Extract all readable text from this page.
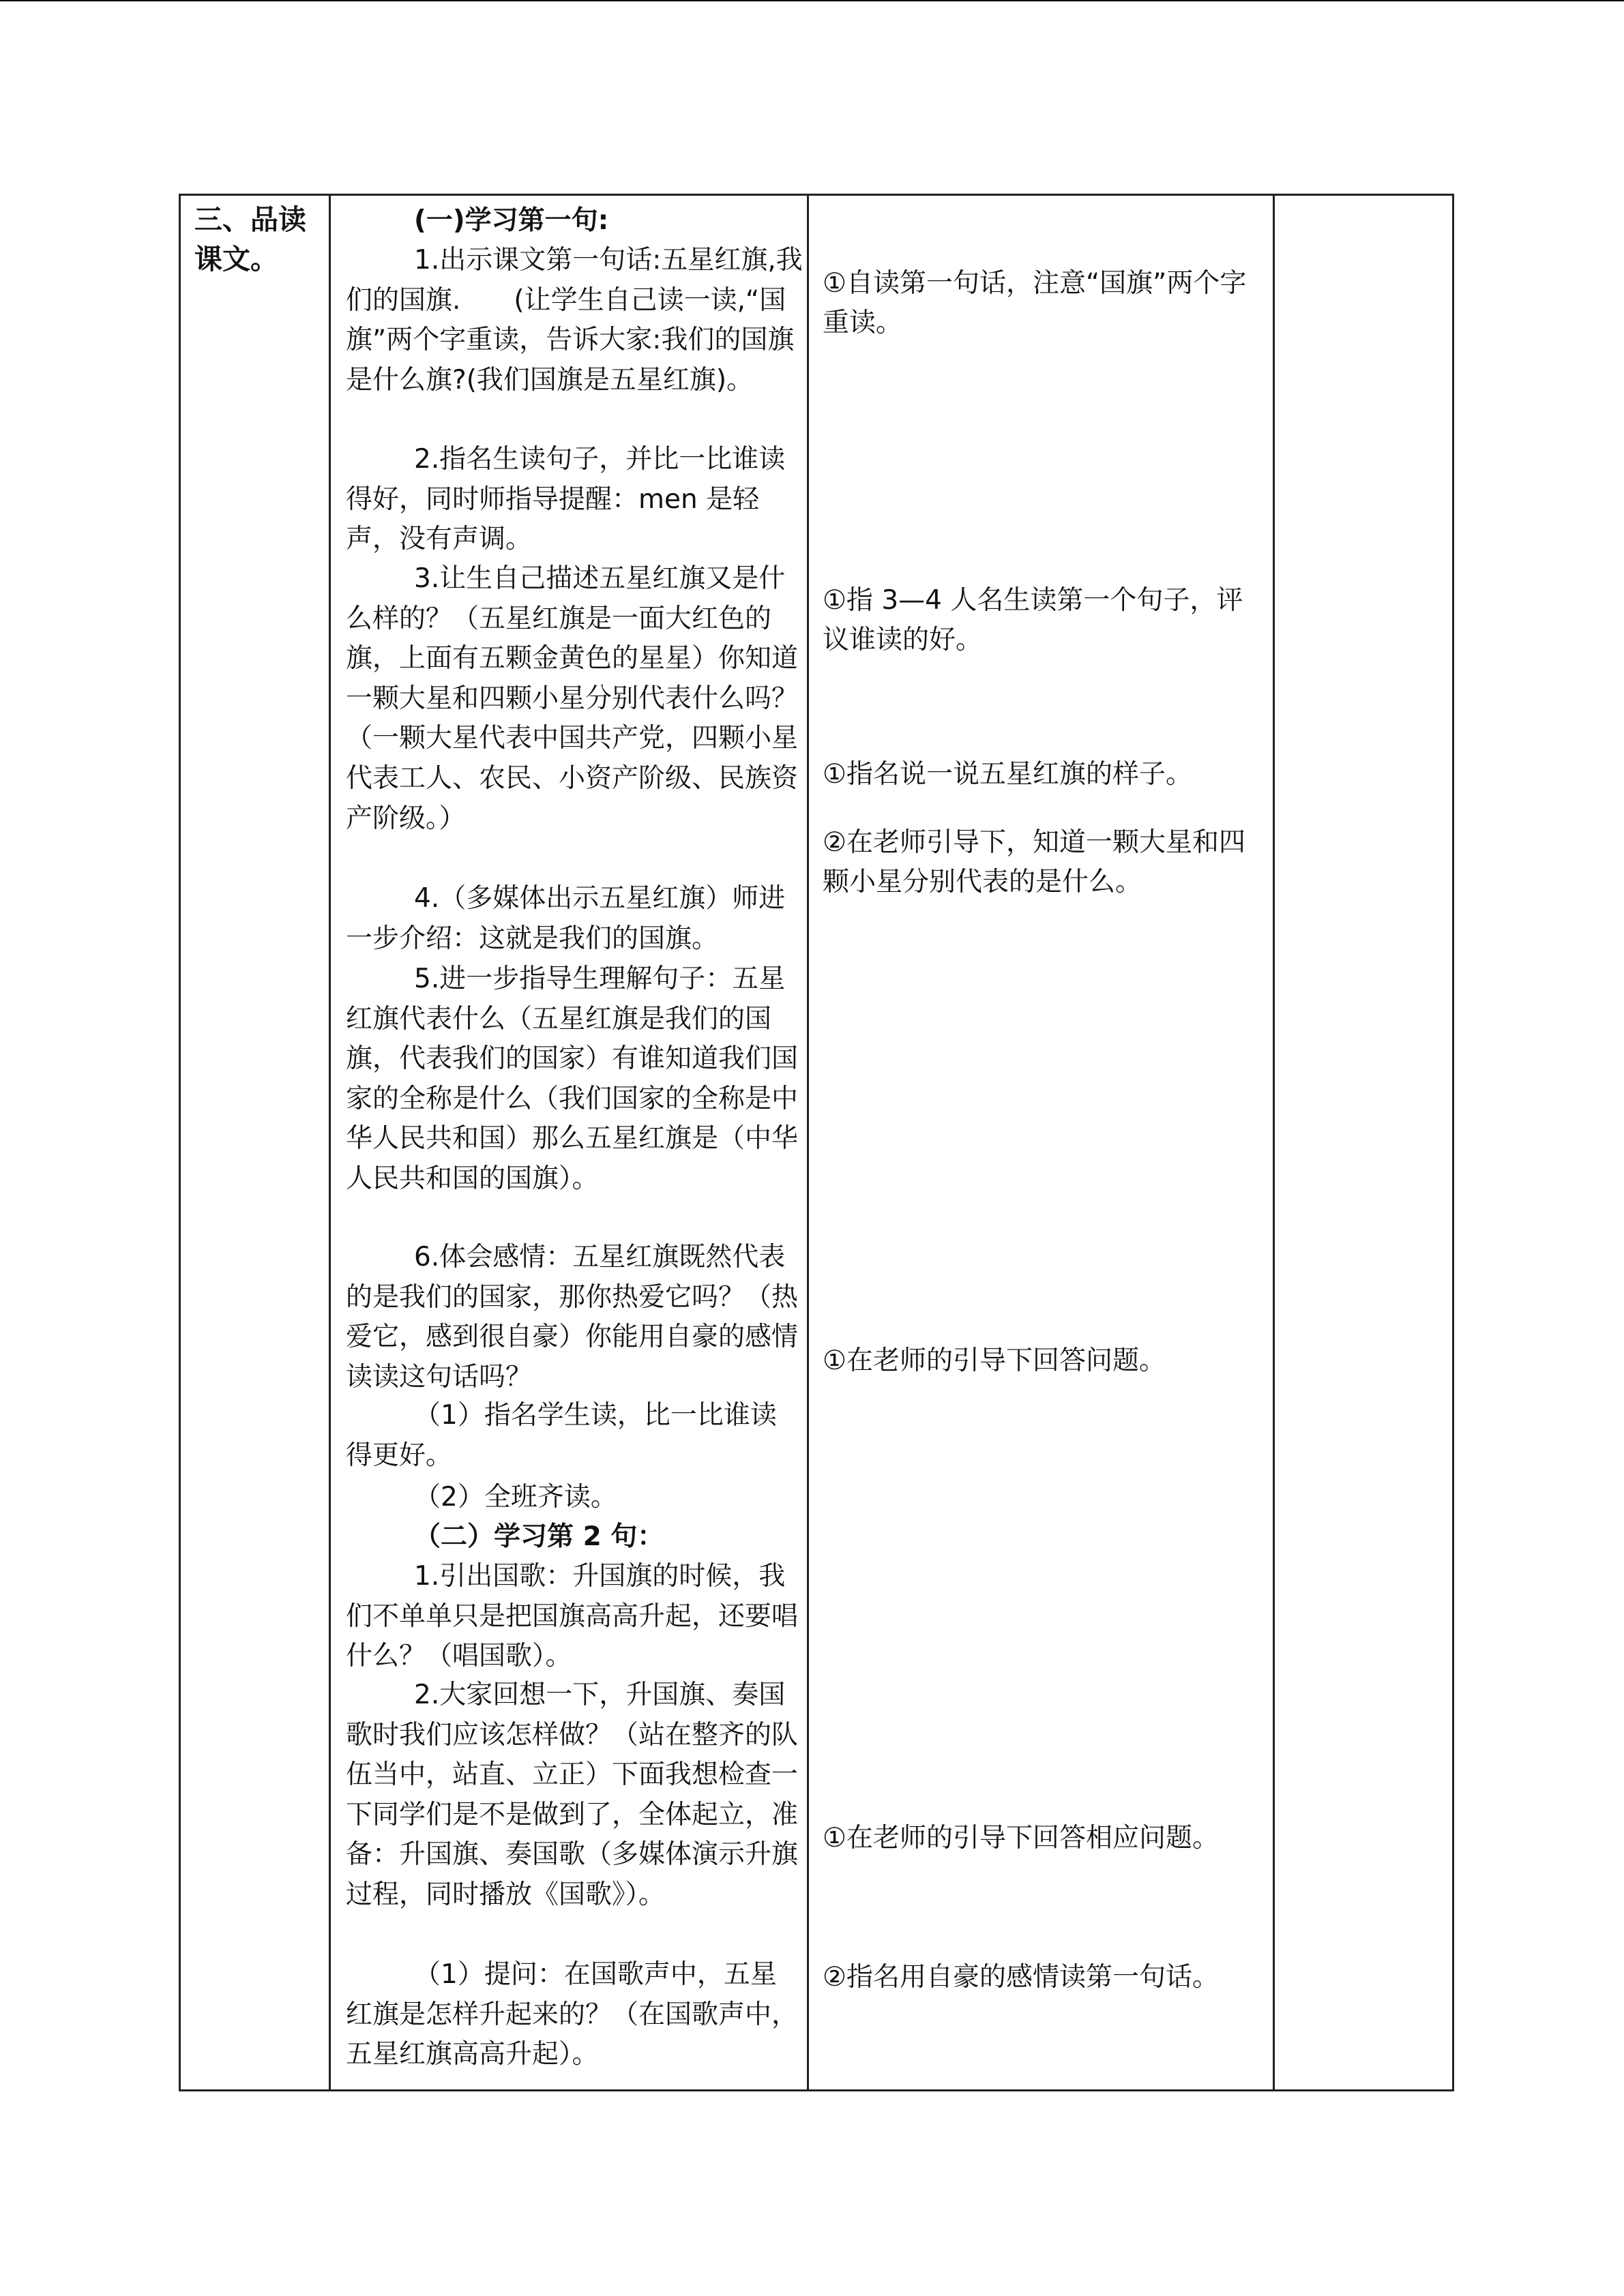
三、品读课文。
(一)学习第一句:
1.出示课文第一句话:五星红旗,我们的国旗.　　(让学生自己读一读,“国旗”两个字重读，告诉大家:我们的国旗是什么旗?(我们国旗是五星红旗)。
2.指名生读句子，并比一比谁读得好，同时师指导提醒：men 是轻声，没有声调。
3.让生自己描述五星红旗又是什么样的？（五星红旗是一面大红色的旗，上面有五颗金黄色的星星）你知道一颗大星和四颗小星分别代表什么吗？（一颗大星代表中国共产党，四颗小星代表工人、农民、小资产阶级、民族资产阶级。）
4.（多媒体出示五星红旗）师进一步介绍：这就是我们的国旗。
5.进一步指导生理解句子：五星红旗代表什么（五星红旗是我们的国旗，代表我们的国家）有谁知道我们国家的全称是什么（我们国家的全称是中华人民共和国）那么五星红旗是（中华人民共和国的国旗）。
6.体会感情：五星红旗既然代表的是我们的国家，那你热爱它吗？（热爱它，感到很自豪）你能用自豪的感情读读这句话吗？
（1）指名学生读，比一比谁读得更好。
（2）全班齐读。
（二）学习第 2 句：
1.引出国歌：升国旗的时候，我们不单单只是把国旗高高升起，还要唱什么？（唱国歌）。
2.大家回想一下，升国旗、奏国歌时我们应该怎样做？（站在整齐的队伍当中，站直、立正）下面我想检查一下同学们是不是做到了，全体起立，准备：升国旗、奏国歌（多媒体演示升旗过程，同时播放《国歌》）。
（1）提问：在国歌声中，五星红旗是怎样升起来的？（在国歌声中，五星红旗高高升起）。
①自读第一句话，注意“国旗”两个字重读。
①指 3—4 人名生读第一个句子，评议谁读的好。
①指名说一说五星红旗的样子。
②在老师引导下，知道一颗大星和四颗小星分别代表的是什么。
①在老师的引导下回答问题。
①在老师的引导下回答相应问题。
②指名用自豪的感情读第一句话。
